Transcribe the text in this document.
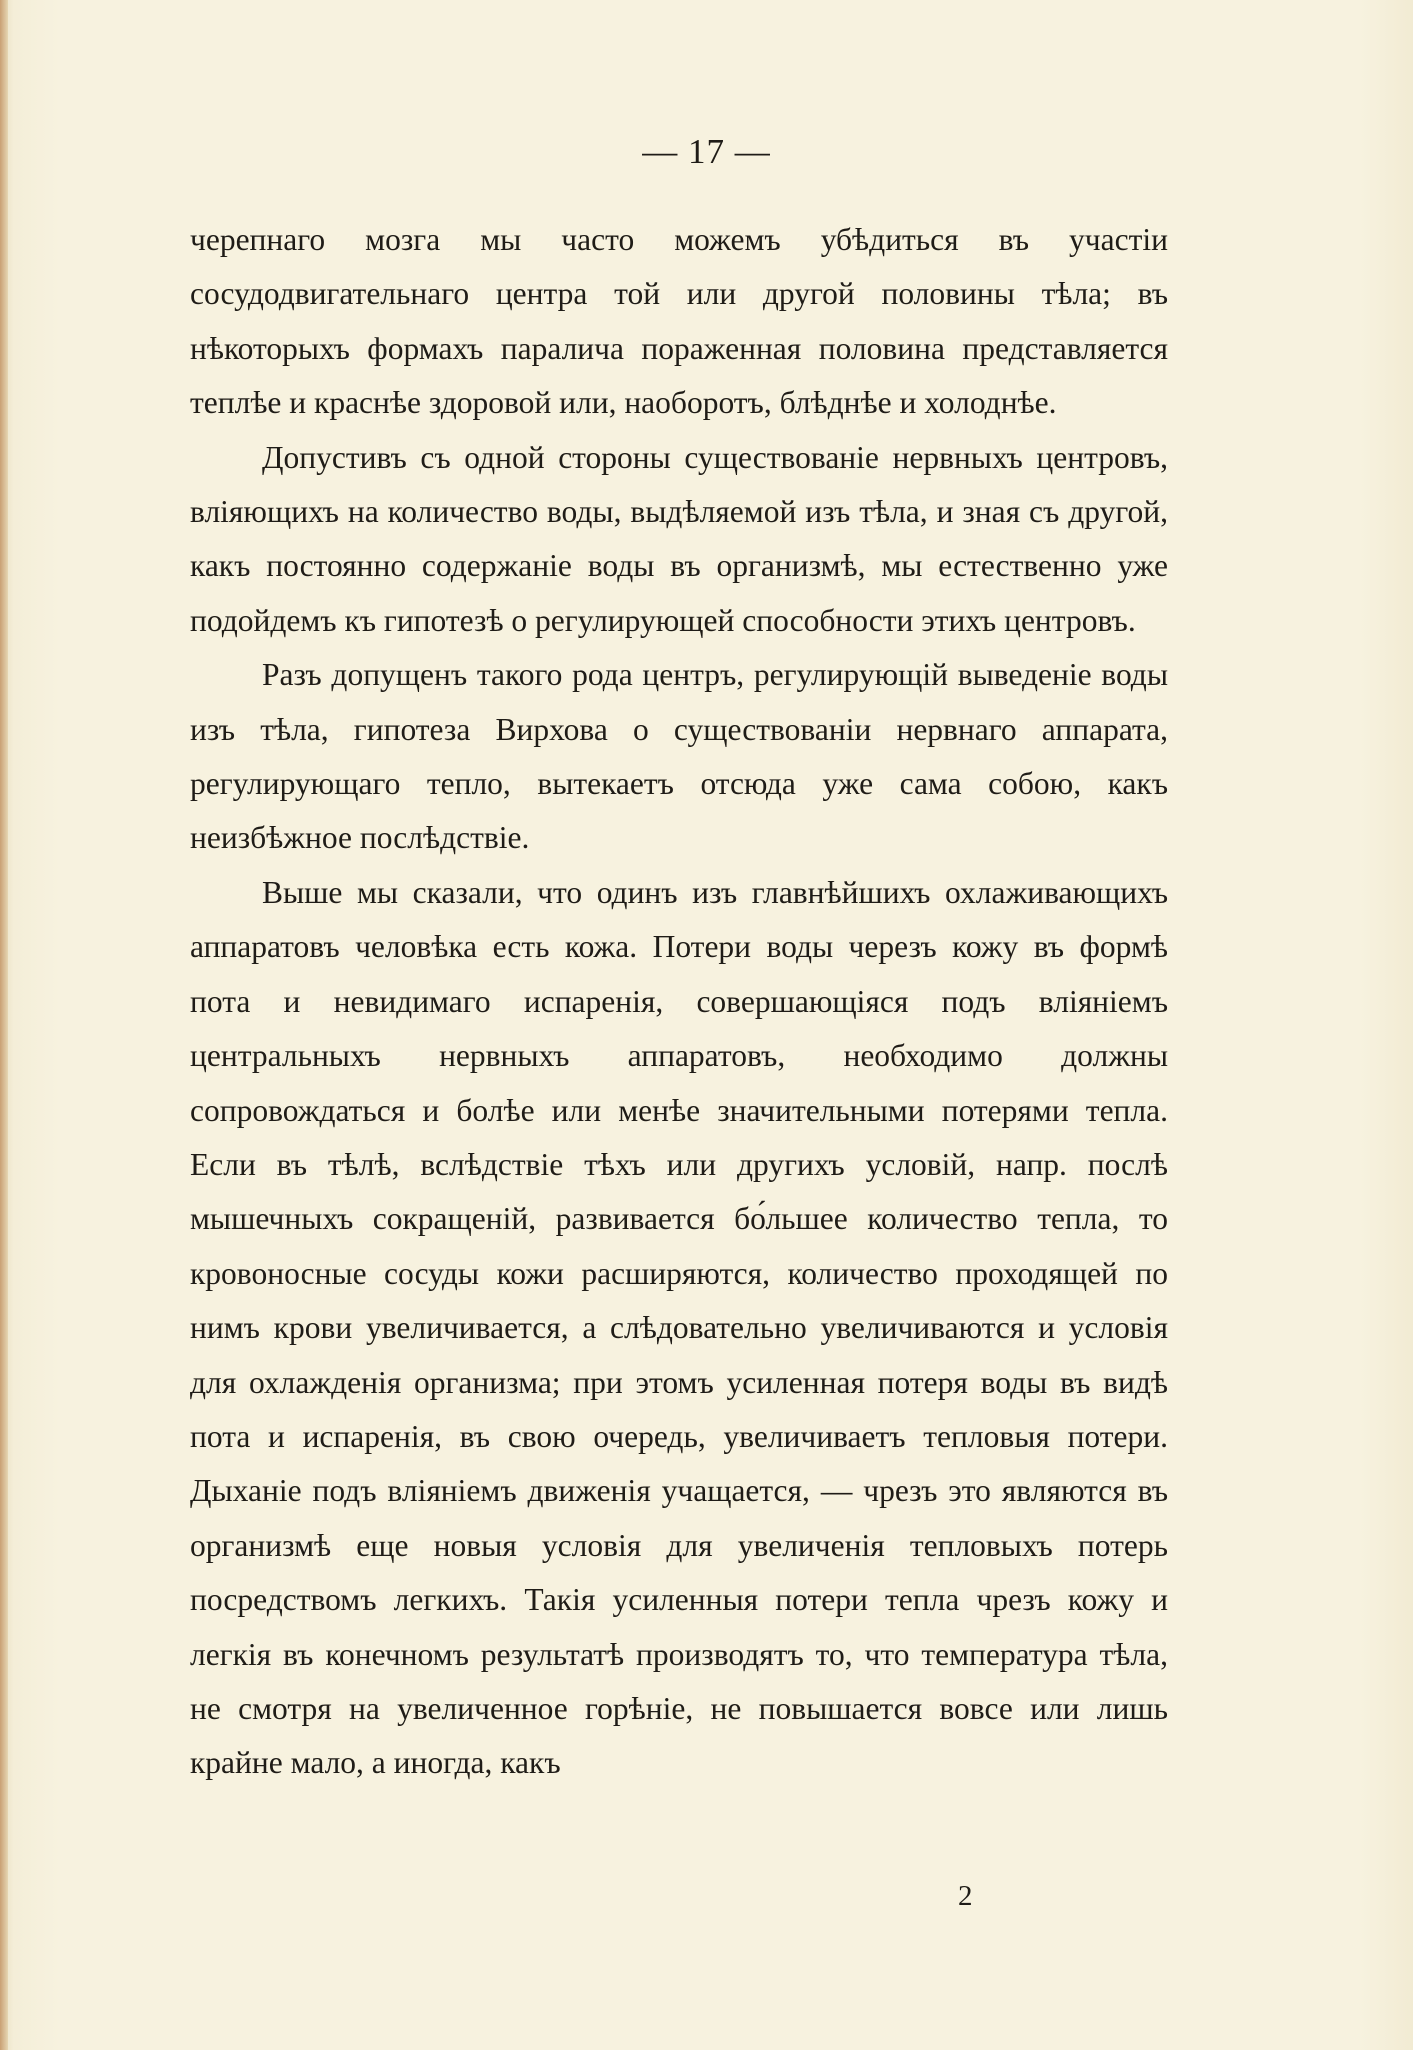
— 17 —

черепнаго мозга мы часто можемъ убѣдиться въ участіи сосудодвигательнаго центра той или другой половины тѣла; въ нѣкоторыхъ формахъ паралича пораженная половина представляется теплѣе и краснѣе здоровой или, наоборотъ, блѣднѣе и холоднѣе.

Допустивъ съ одной стороны существованіе нервныхъ центровъ, вліяющихъ на количество воды, выдѣляемой изъ тѣла, и зная съ другой, какъ постоянно содержаніе воды въ организмѣ, мы естественно уже подойдемъ къ гипотезѣ о регулирующей способности этихъ центровъ.

Разъ допущенъ такого рода центръ, регулирующій выведеніе воды изъ тѣла, гипотеза Вирхова о существованіи нервнаго аппарата, регулирующаго тепло, вытекаетъ отсюда уже сама собою, какъ неизбѣжное послѣдствіе.

Выше мы сказали, что одинъ изъ главнѣйшихъ охлаживающихъ аппаратовъ человѣка есть кожа. Потери воды черезъ кожу въ формѣ пота и невидимаго испаренія, совершающіяся подъ вліяніемъ центральныхъ нервныхъ аппаратовъ, необходимо должны сопровождаться и болѣе или менѣе значительными потерями тепла. Если въ тѣлѣ, вслѣдствіе тѣхъ или другихъ условій, напр. послѣ мышечныхъ сокращеній, развивается бо́льшее количество тепла, то кровоносные сосуды кожи расширяются, количество проходящей по нимъ крови увеличивается, а слѣдовательно увеличиваются и условія для охлажденія организма; при этомъ усиленная потеря воды въ видѣ пота и испаренія, въ свою очередь, увеличиваетъ тепловыя потери. Дыханіе подъ вліяніемъ движенія учащается, — чрезъ это являются въ организмѣ еще новыя условія для увеличенія тепловыхъ потерь посредствомъ легкихъ. Такія усиленныя потери тепла чрезъ кожу и легкія въ конечномъ результатѣ производятъ то, что температура тѣла, не смотря на увеличенное горѣніе, не повышается вовсе или лишь крайне мало, а иногда, какъ

2
